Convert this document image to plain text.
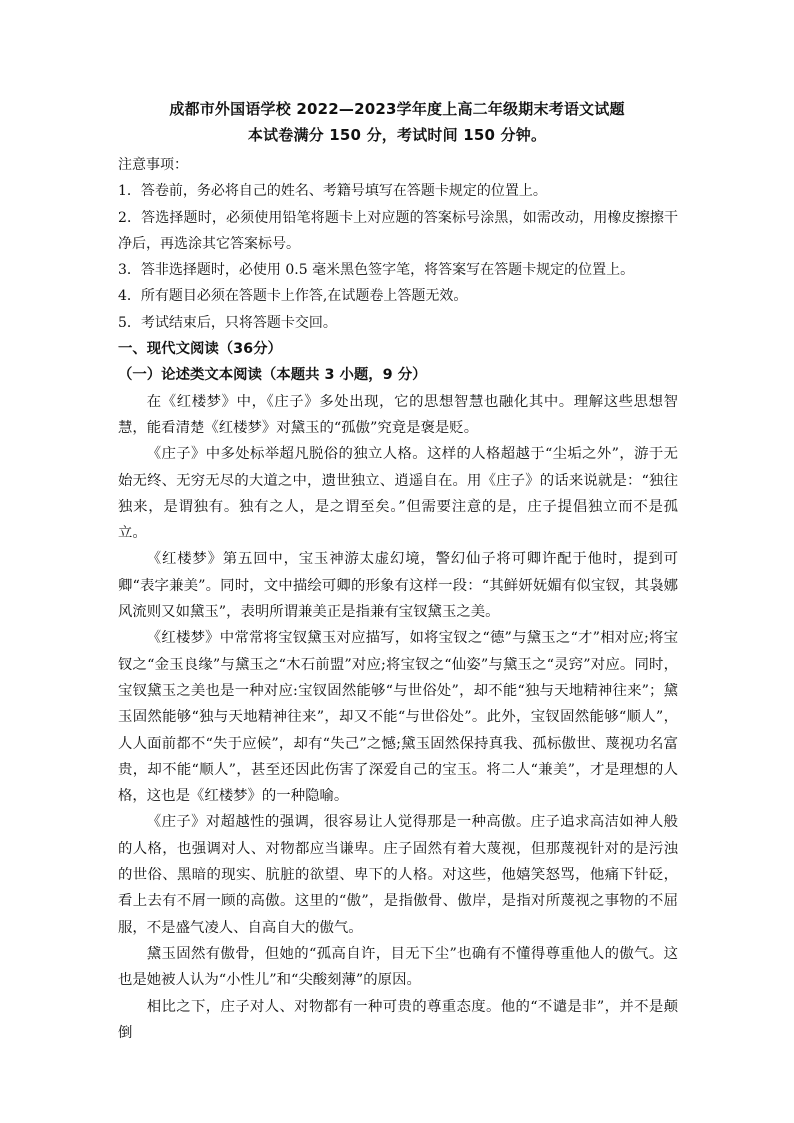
成都市外国语学校 2022—2023学年度上高二年级期末考语文试题

本试卷满分 150 分，考试时间 150 分钟。

注意事项：

1．答卷前，务必将自己的姓名、考籍号填写在答题卡规定的位置上。

2．答选择题时，必须使用铅笔将题卡上对应题的答案标号涂黑，如需改动，用橡皮擦擦干净后，再选涂其它答案标号。

3．答非选择题时，必使用 0.5 毫米黑色签字笔，将答案写在答题卡规定的位置上。

4．所有题目必须在答题卡上作答,在试题卷上答题无效。

5．考试结束后，只将答题卡交回。

一、现代文阅读（36分）

（一）论述类文本阅读（本题共 3 小题，9 分）

在《红楼梦》中，《庄子》多处出现，它的思想智慧也融化其中。理解这些思想智慧，能看清楚《红楼梦》对黛玉的“孤傲”究竟是褒是贬。

《庄子》中多处标举超凡脱俗的独立人格。这样的人格超越于“尘垢之外”，游于无始无终、无穷无尽的大道之中，遗世独立、逍遥自在。用《庄子》的话来说就是：“独往独来，是谓独有。独有之人，是之谓至矣。”但需要注意的是，庄子提倡独立而不是孤立。

《红楼梦》第五回中，宝玉神游太虚幻境，警幻仙子将可卿许配于他时，提到可卿“表字兼美”。同时，文中描绘可卿的形象有这样一段：“其鲜妍妩媚有似宝钗，其袅娜风流则又如黛玉”，表明所谓兼美正是指兼有宝钗黛玉之美。

《红楼梦》中常常将宝钗黛玉对应描写，如将宝钗之“德”与黛玉之“才”相对应;将宝钗之“金玉良缘”与黛玉之“木石前盟”对应;将宝钗之“仙姿”与黛玉之“灵窍”对应。同时，宝钗黛玉之美也是一种对应:宝钗固然能够“与世俗处”，却不能“独与天地精神往来”；黛玉固然能够“独与天地精神往来”，却又不能“与世俗处”。此外，宝钗固然能够“顺人”，人人面前都不“失于应候”，却有“失己”之憾;黛玉固然保持真我、孤标傲世、蔑视功名富贵，却不能“顺人”，甚至还因此伤害了深爱自己的宝玉。将二人“兼美”，才是理想的人格，这也是《红楼梦》的一种隐喻。

《庄子》对超越性的强调，很容易让人觉得那是一种高傲。庄子追求高洁如神人般的人格，也强调对人、对物都应当谦卑。庄子固然有着大蔑视，但那蔑视针对的是污浊的世俗、黑暗的现实、肮脏的欲望、卑下的人格。对这些，他嬉笑怒骂，他痛下针砭，看上去有不屑一顾的高傲。这里的“傲”，是指傲骨、傲岸，是指对所蔑视之事物的不屈服，不是盛气凌人、自高自大的傲气。

黛玉固然有傲骨，但她的“孤高自许，目无下尘”也确有不懂得尊重他人的傲气。这也是她被人认为“小性儿”和“尖酸刻薄”的原因。

相比之下，庄子对人、对物都有一种可贵的尊重态度。他的“不谴是非”，并不是颠倒
